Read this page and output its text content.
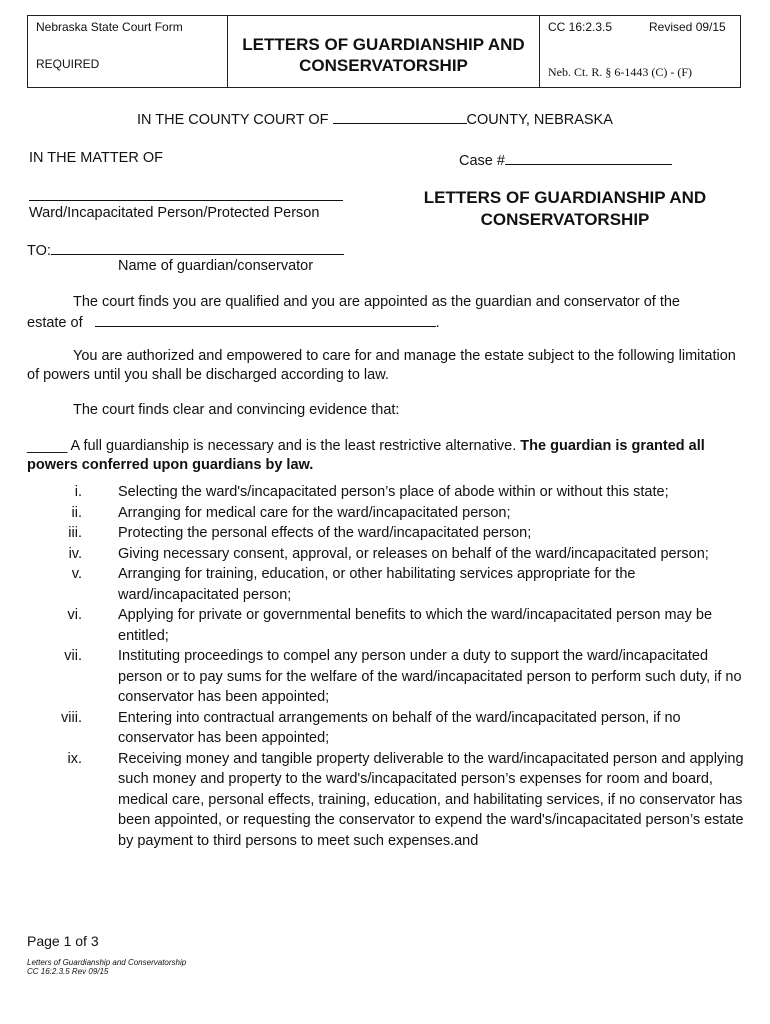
Nebraska State Court Form
REQUIRED
LETTERS OF GUARDIANSHIP AND CONSERVATORSHIP
CC 16:2.3.5	Revised 09/15
Neb. Ct. R. § 6-1443 (C) - (F)
IN THE COUNTY COURT OF	COUNTY, NEBRASKA
IN THE MATTER OF	Case #
Ward/Incapacitated Person/Protected Person
LETTERS OF GUARDIANSHIP AND CONSERVATORSHIP
TO:
Name of guardian/conservator
The court finds you are qualified and you are appointed as the guardian and conservator of the

estate of	.
You are authorized and empowered to care for and manage the estate subject to the following limitation of powers until you shall be discharged according to law.
The court finds clear and convincing evidence that:
_____ A full guardianship is necessary and is the least restrictive alternative. The guardian is granted all powers conferred upon guardians by law.
i.	Selecting the ward's/incapacitated person’s place of abode within or without this state;
ii.	Arranging for medical care for the ward/incapacitated person;
iii.	Protecting the personal effects of the ward/incapacitated person;
iv.	Giving necessary consent, approval, or releases on behalf of the ward/incapacitated person;
v.	Arranging for training, education, or other habilitating services appropriate for the ward/incapacitated person;
vi.	Applying for private or governmental benefits to which the ward/incapacitated person may be entitled;
vii.	Instituting proceedings to compel any person under a duty to support the ward/incapacitated person or to pay sums for the welfare of the ward/incapacitated person to perform such duty, if no conservator has been appointed;
viii.	Entering into contractual arrangements on behalf of the ward/incapacitated person, if no conservator has been appointed;
ix.	Receiving money and tangible property deliverable to the ward/incapacitated person and applying such money and property to the ward's/incapacitated person’s expenses for room and board, medical care, personal effects, training, education, and habilitating services, if no conservator has been appointed, or requesting the conservator to expend the ward's/incapacitated person’s estate by payment to third persons to meet such expenses.and
Page 1 of 3
Letters of Guardianship and Conservatorship
CC 16:2.3.5 Rev 09/15
